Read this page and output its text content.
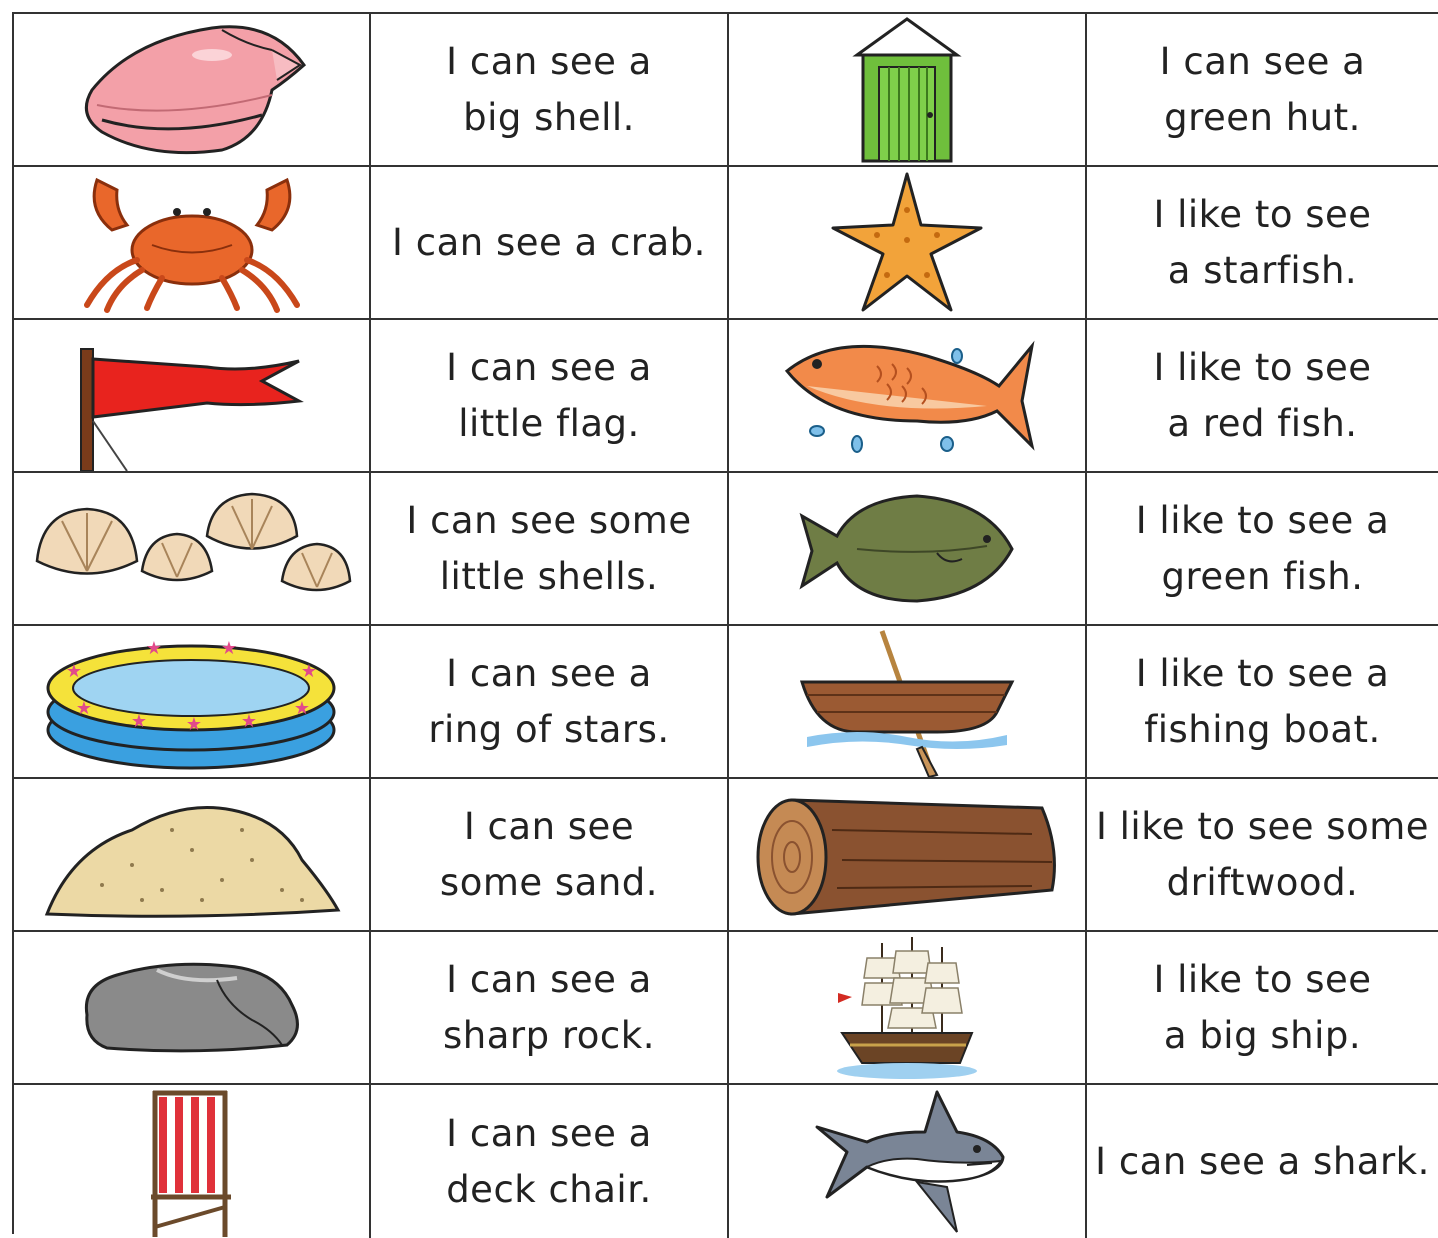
I can see a
big shell.
I can see a
green hut.
I can see a crab.
I like to see
a starfish.
I can see a
little flag.
I like to see
a red fish.
I can see some
little shells.
I like to see a
green fish.
★
★ ★ ★
★
★	★
★	★
I can see a
ring of stars.
I like to see a
fishing boat.
I can see
some sand.
I like to see some
driftwood.
I can see a
sharp rock.
I like to see
a big ship.
I can see a
deck chair.
I can see a shark.
